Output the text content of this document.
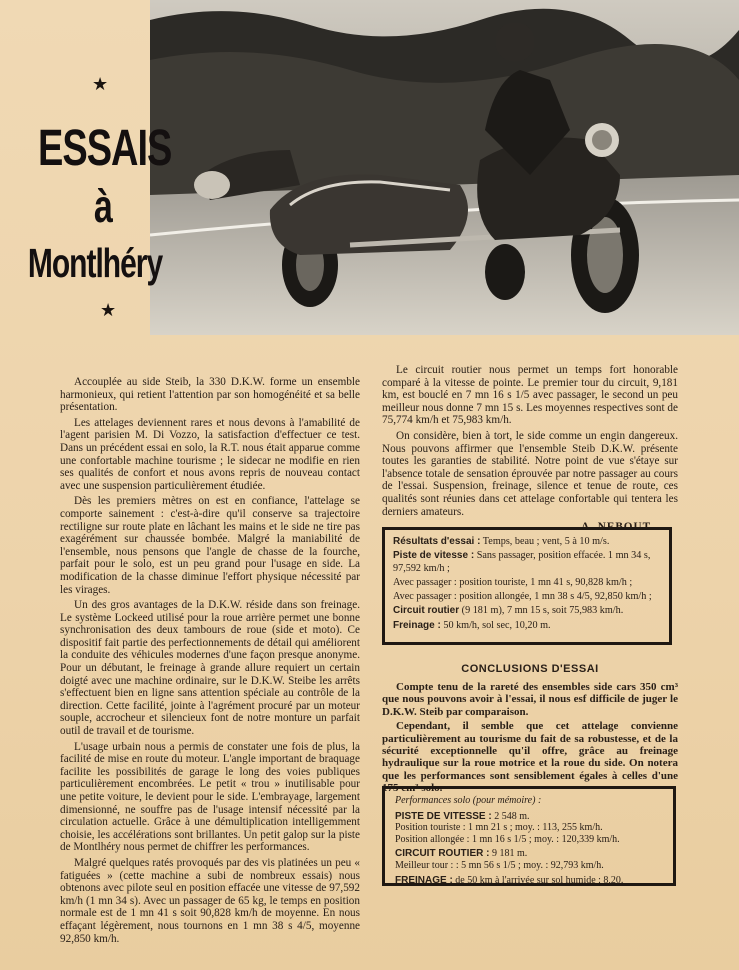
★
★
ESSAIS
à
Montlhéry

Accouplée au side Steib, la 330 D.K.W. forme un ensemble harmonieux, qui retient l'attention par son homogénéité et sa belle présentation.

Les attelages deviennent rares et nous devons à l'amabilité de l'agent parisien M. Di Vozzo, la satisfaction d'effectuer ce test. Dans un précédent essai en solo, la R.T. nous était apparue comme une confortable machine tourisme ; le sidecar ne modifie en rien ses qualités de confort et nous avons repris de nouveau contact avec une suspension particulièrement étudiée.

Dès les premiers mètres on est en confiance, l'attelage se comporte sainement : c'est-à-dire qu'il conserve sa trajectoire rectiligne sur route plate en lâchant les mains et le side ne tire pas exagérément sur chaussée bombée. Malgré la maniabilité de l'ensemble, nous pensons que l'angle de chasse de la fourche, parfait pour le solo, est un peu grand pour l'usage en side. La modification de la chasse diminue l'effort physique nécessité par les virages.

Un des gros avantages de la D.K.W. réside dans son freinage. Le système Lockeed utilisé pour la roue arrière permet une bonne synchronisation des deux tambours de roue (side et moto). Ce dispositif fait partie des perfectionnements de détail qui améliorent la conduite des véhicules modernes d'une façon presque anonyme. Pour un débutant, le freinage à grande allure requiert un certain doigté avec une machine ordinaire, sur le D.K.W. Steibe les arrêts s'effectuent bien en ligne sans attention spéciale au contrôle de la direction. Cette facilité, jointe à l'agrément procuré par un moteur souple, accrocheur et silencieux font de notre monture un parfait outil de travail et de tourisme.

L'usage urbain nous a permis de constater une fois de plus, la facilité de mise en route du moteur. L'angle important de braquage facilite les possibilités de garage le long des voies publiques particulièrement encombrées. Le petit « trou » inutilisable pour une petite voiture, le devient pour le side. L'embrayage, largement dimensionné, ne souffre pas de l'usage intensif nécessité par la circulation actuelle. Grâce à une démultiplication intelligemment choisie, les accélérations sont brillantes. Un petit galop sur la piste de Montlhéry nous permet de chiffrer les performances.

Malgré quelques ratés provoqués par des vis platinées un peu « fatiguées » (cette machine a subi de nombreux essais) nous obtenons avec pilote seul en position effacée une vitesse de 97,592 km/h (1 mn 34 s). Avec un passager de 65 kg, le temps en position normale est de 1 mn 41 s soit 90,828 km/h de moyenne. En nous effaçant légèrement, nous tournons en 1 mn 38 s 4/5, moyenne 92,850 km/h.

Le circuit routier nous permet un temps fort honorable comparé à la vitesse de pointe. Le premier tour du circuit, 9,181 km, est bouclé en 7 mn 16 s 1/5 avec passager, le second un peu meilleur nous donne 7 mn 15 s. Les moyennes respectives sont de 75,774 km/h et 75,983 km/h.

On considère, bien à tort, le side comme un engin dangereux. Nous pouvons affirmer que l'ensemble Steib D.K.W. présente toutes les garanties de stabilité. Notre point de vue s'étaye sur l'absence totale de sensation éprouvée par notre passager au cours de l'essai. Suspension, freinage, silence et tenue de route, ces qualités sont réunies dans cet attelage confortable qui tentera les derniers amateurs.

A. NEBOUT.

Résultats d'essai : Temps, beau ; vent, 5 à 10 m/s.
Piste de vitesse : Sans passager, position effacée. 1 mn 34 s, 97,592 km/h ;
Avec passager : position touriste, 1 mn 41 s, 90,828 km/h ;
Avec passager : position allongée, 1 mn 38 s 4/5, 92,850 km/h ;
Circuit routier (9 181 m), 7 mn 15 s, soit 75,983 km/h.
Freinage : 50 km/h, sol sec, 10,20 m.
CONCLUSIONS D'ESSAI

Compte tenu de la rareté des ensembles side cars 350 cm³ que nous pouvons avoir à l'essai, il nous esf difficile de juger le D.K.W. Steib par comparaison.

Cependant, il semble que cet attelage convienne particulièrement au tourisme du fait de sa robustesse, et de la sécurité exceptionnelle qu'il offre, grâce au freinage hydraulique sur la roue motrice et la roue du side. On notera que les performances sont sensiblement égales à celles d'une 175 cm³ solo.

Performances solo (pour mémoire) :
PISTE DE VITESSE : 2 548 m.
Position touriste : 1 mn 21 s ; moy. : 113, 255 km/h.
Position allongée : 1 mn 16 s 1/5 ; moy. : 120,339 km/h.
CIRCUIT ROUTIER : 9 181 m.
Meilleur tour : : 5 mn 56 s 1/5 ; moy. : 92,793 km/h.
FREINAGE : de 50 km à l'arrivée sur sol humide : 8,20.
